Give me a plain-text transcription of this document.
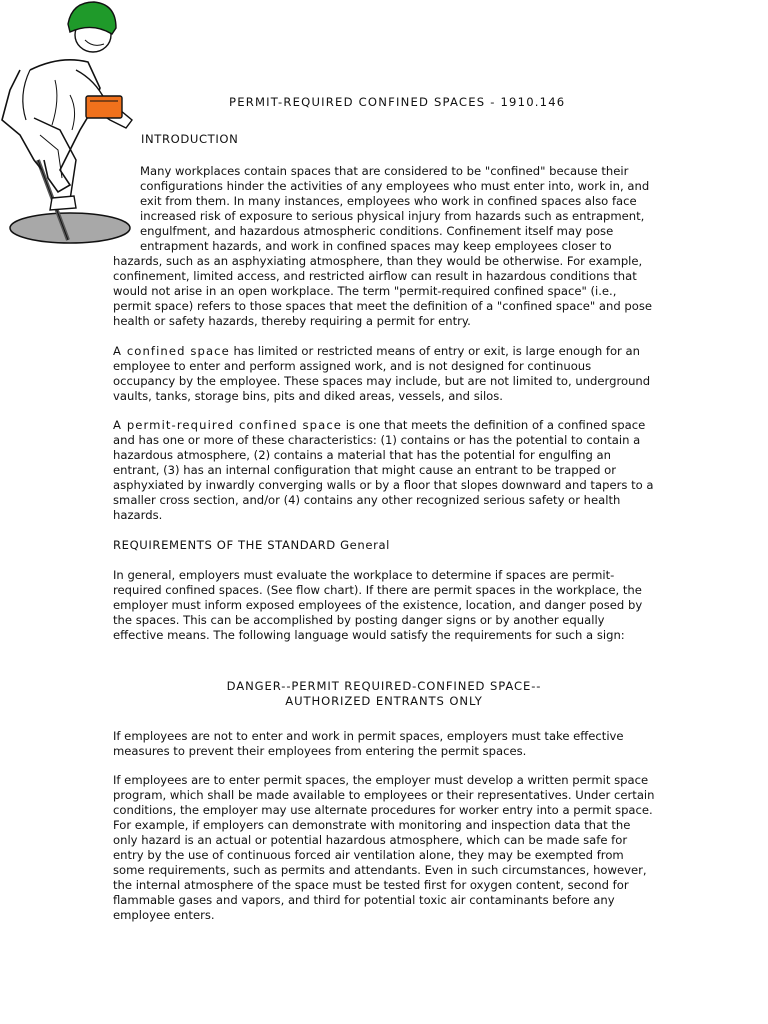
PERMIT-REQUIRED CONFINED SPACES - 1910.146
INTRODUCTION

Many workplaces contain spaces that are considered to be "confined" because their configurations hinder the activities of any employees who must enter into, work in, and exit from them. In many instances, employees who work in confined spaces also face increased risk of exposure to serious physical injury from hazards such as entrapment, engulfment, and hazardous atmospheric conditions. Confinement itself may pose entrapment hazards, and work in confined spaces may keep employees closer to hazards, such as an asphyxiating atmosphere, than they would be otherwise. For example, confinement, limited access, and restricted airflow can result in hazardous conditions that would not arise in an open workplace. The term "permit-required confined space" (i.e., permit space) refers to those spaces that meet the definition of a "confined space" and pose health or safety hazards, thereby requiring a permit for entry.

A confined space has limited or restricted means of entry or exit, is large enough for an employee to enter and perform assigned work, and is not designed for continuous occupancy by the employee. These spaces may include, but are not limited to, underground vaults, tanks, storage bins, pits and diked areas, vessels, and silos.

A permit-required confined space is one that meets the definition of a confined space and has one or more of these characteristics: (1) contains or has the potential to contain a hazardous atmosphere, (2) contains a material that has the potential for engulfing an entrant, (3) has an internal configuration that might cause an entrant to be trapped or asphyxiated by inwardly converging walls or by a floor that slopes downward and tapers to a smaller cross section, and/or (4) contains any other recognized serious safety or health hazards.

REQUIREMENTS OF THE STANDARD General

In general, employers must evaluate the workplace to determine if spaces are permit-required confined spaces. (See flow chart). If there are permit spaces in the workplace, the employer must inform exposed employees of the existence, location, and danger posed by the spaces. This can be accomplished by posting danger signs or by another equally effective means. The following language would satisfy the requirements for such a sign:

DANGER--PERMIT REQUIRED-CONFINED SPACE--
AUTHORIZED ENTRANTS ONLY

If employees are not to enter and work in permit spaces, employers must take effective measures to prevent their employees from entering the permit spaces.

If employees are to enter permit spaces, the employer must develop a written permit space program, which shall be made available to employees or their representatives. Under certain conditions, the employer may use alternate procedures for worker entry into a permit space. For example, if employers can demonstrate with monitoring and inspection data that the only hazard is an actual or potential hazardous atmosphere, which can be made safe for entry by the use of continuous forced air ventilation alone, they may be exempted from some requirements, such as permits and attendants. Even in such circumstances, however, the internal atmosphere of the space must be tested first for oxygen content, second for flammable gases and vapors, and third for potential toxic air contaminants before any employee enters.
